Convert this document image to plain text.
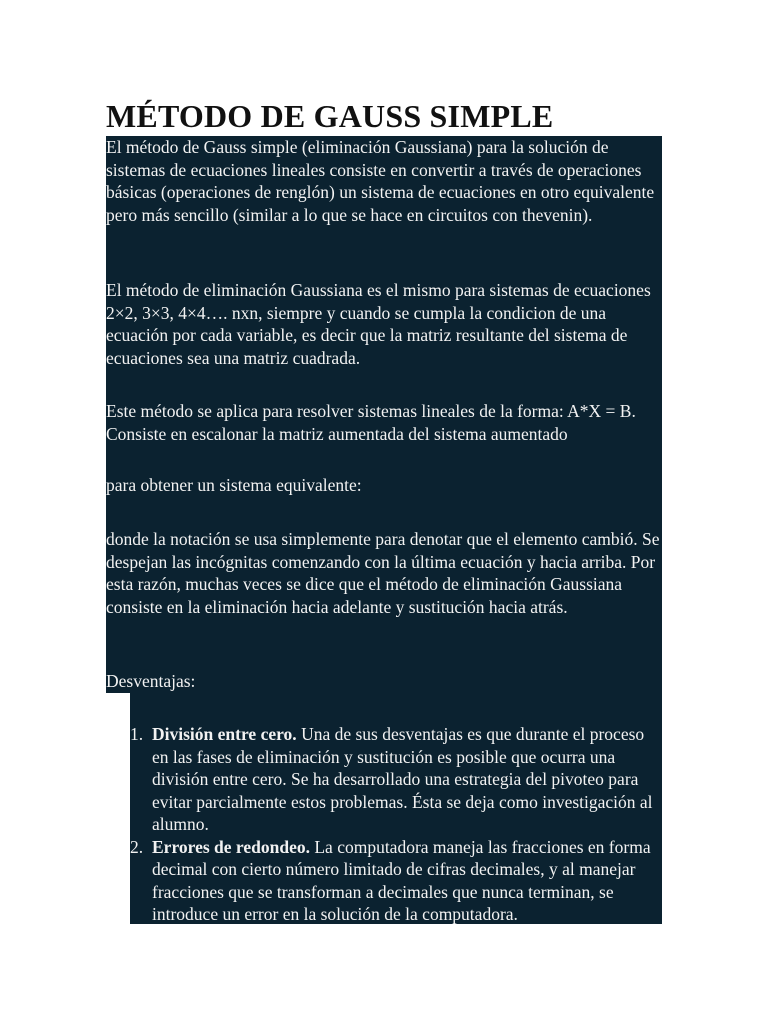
MÉTODO DE GAUSS SIMPLE
El método de Gauss simple (eliminación Gaussiana) para la solución de sistemas de ecuaciones lineales consiste en convertir a través de operaciones básicas (operaciones de renglón) un sistema de ecuaciones en otro equivalente pero más sencillo (similar a lo que se hace en circuitos con thevenin).
El método de eliminación Gaussiana es el mismo para sistemas de ecuaciones 2×2, 3×3, 4×4…. nxn, siempre y cuando se cumpla la condicion de una ecuación por cada variable, es decir que la matriz resultante del sistema de ecuaciones sea una matriz cuadrada.
Este método se aplica para resolver sistemas lineales de la forma: A*X = B. Consiste en escalonar la matriz aumentada del sistema aumentado
para obtener un sistema equivalente:
donde la notación se usa simplemente para denotar que el elemento cambió. Se despejan las incógnitas comenzando con la última ecuación y hacia arriba. Por esta razón, muchas veces se dice que el método de eliminación Gaussiana consiste en la eliminación hacia adelante y sustitución hacia atrás.
Desventajas:
1. División entre cero. Una de sus desventajas es que durante el proceso en las fases de eliminación y sustitución es posible que ocurra una división entre cero. Se ha desarrollado una estrategia del pivoteo para evitar parcialmente estos problemas. Ésta se deja como investigación al alumno.
2. Errores de redondeo. La computadora maneja las fracciones en forma decimal con cierto número limitado de cifras decimales, y al manejar fracciones que se transforman a decimales que nunca terminan, se introduce un error en la solución de la computadora.
